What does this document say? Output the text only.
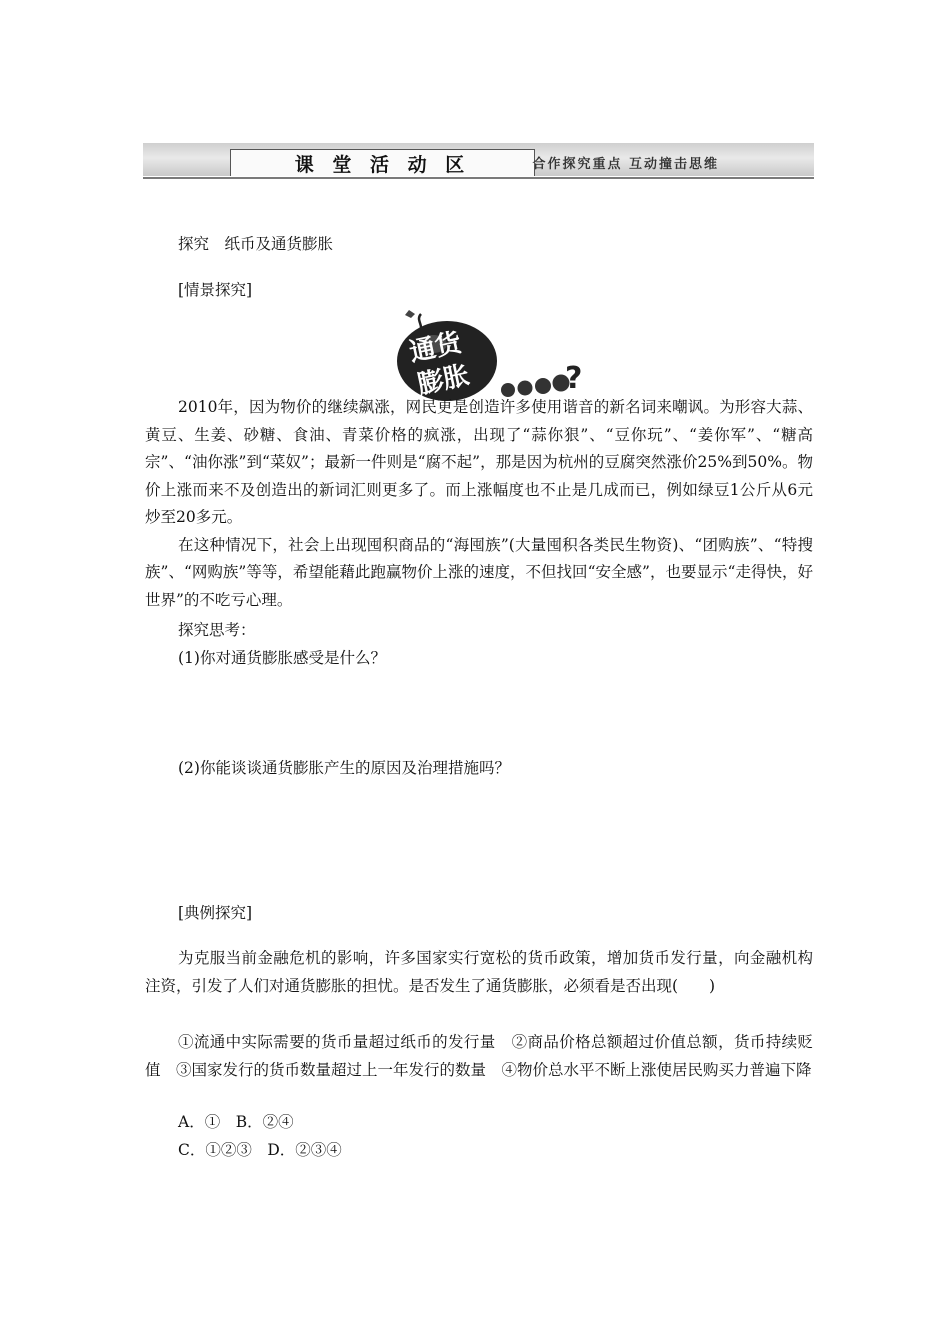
课 堂 活 动 区	合作探究重点 互动撞击思维
探究　纸币及通货膨胀
[情景探究]
通货
膨胀	?

2010年，因为物价的继续飙涨，网民更是创造许多使用谐音的新名词来嘲讽。为形容大蒜、黄豆、生姜、砂糖、食油、青菜价格的疯涨，出现了“蒜你狠”、“豆你玩”、“姜你军”、“糖高宗”、“油你涨”到“菜奴”；最新一件则是“腐不起”，那是因为杭州的豆腐突然涨价25%到50%。物价上涨而来不及创造出的新词汇则更多了。而上涨幅度也不止是几成而已，例如绿豆1公斤从6元炒至20多元。

在这种情况下，社会上出现囤积商品的“海囤族”(大量囤积各类民生物资)、“团购族”、“特搜族”、“网购族”等等，希望能藉此跑赢物价上涨的速度，不但找回“安全感”，也要显示“走得快，好世界”的不吃亏心理。

探究思考：
(1)你对通货膨胀感受是什么？
(2)你能谈谈通货膨胀产生的原因及治理措施吗？
[典例探究]

为克服当前金融危机的影响，许多国家实行宽松的货币政策，增加货币发行量，向金融机构注资，引发了人们对通货膨胀的担忧。是否发生了通货膨胀，必须看是否出现(　　)

①流通中实际需要的货币量超过纸币的发行量　②商品价格总额超过价值总额，货币持续贬值　③国家发行的货币数量超过上一年发行的数量　④物价总水平不断上涨使居民购买力普遍下降

A．①　B．②④
C．①②③　D．②③④
